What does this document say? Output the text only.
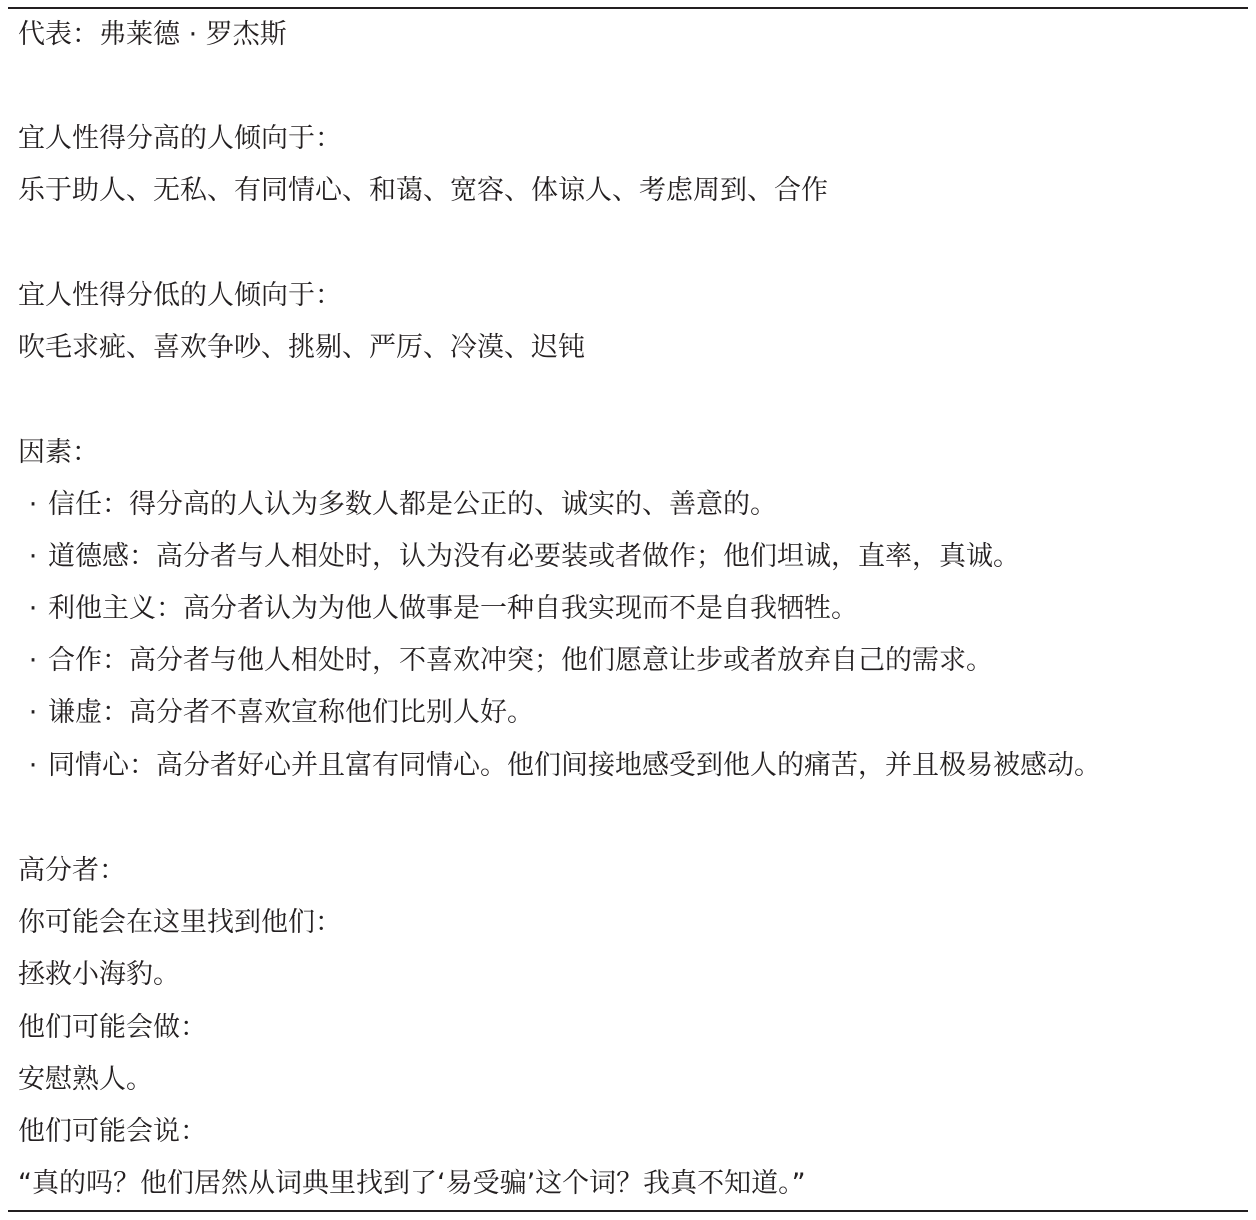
代表：弗莱德 · 罗杰斯
宜人性得分高的人倾向于：
乐于助人、无私、有同情心、和蔼、宽容、体谅人、考虑周到、合作
宜人性得分低的人倾向于：
吹毛求疵、喜欢争吵、挑剔、严厉、冷漠、迟钝
因素：
· 信任：得分高的人认为多数人都是公正的、诚实的、善意的。
· 道德感：高分者与人相处时，认为没有必要装或者做作；他们坦诚，直率，真诚。
· 利他主义：高分者认为为他人做事是一种自我实现而不是自我牺牲。
· 合作：高分者与他人相处时，不喜欢冲突；他们愿意让步或者放弃自己的需求。
· 谦虚：高分者不喜欢宣称他们比别人好。
· 同情心：高分者好心并且富有同情心。他们间接地感受到他人的痛苦，并且极易被感动。
高分者：
你可能会在这里找到他们：
拯救小海豹。
他们可能会做：
安慰熟人。
他们可能会说：
“真的吗？他们居然从词典里找到了‘易受骗’这个词？我真不知道。”
